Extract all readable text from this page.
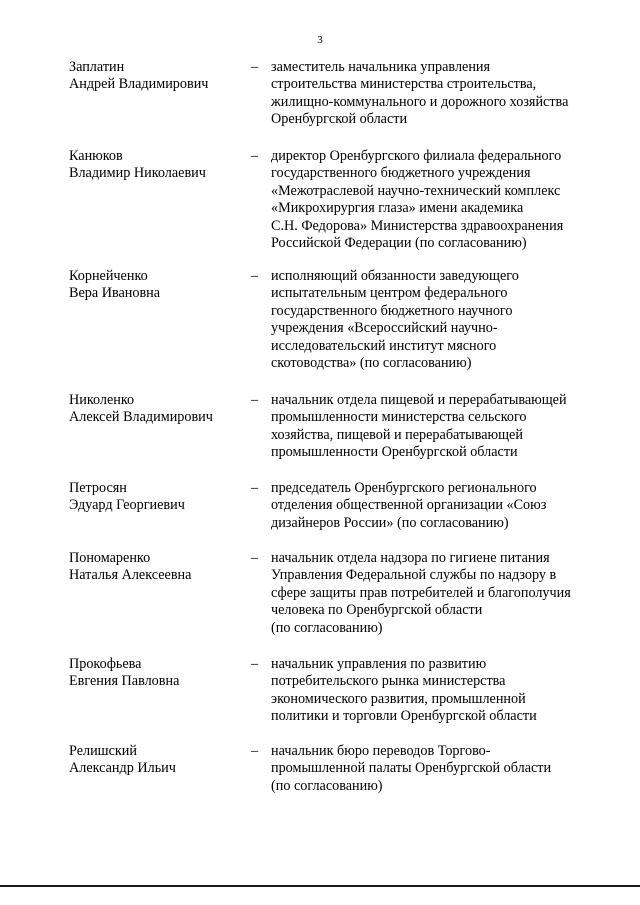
3
Заплатин
Андрей Владимирович
– заместитель начальника управления
строительства министерства строительства,
жилищно-коммунального и дорожного хозяйства
Оренбургской области
Канюков
Владимир Николаевич
– директор Оренбургского филиала федерального
государственного бюджетного учреждения
«Межотраслевой научно-технический комплекс
«Микрохирургия глаза» имени академика
С.Н. Федорова» Министерства здравоохранения
Российской Федерации (по согласованию)
Корнейченко
Вера Ивановна
– исполняющий обязанности заведующего
испытательным центром федерального
государственного бюджетного научного
учреждения «Всероссийский научно-
исследовательский институт мясного
скотоводства» (по согласованию)
Николенко
Алексей Владимирович
– начальник отдела пищевой и перерабатывающей
промышленности министерства сельского
хозяйства, пищевой и перерабатывающей
промышленности Оренбургской области
Петросян
Эдуард Георгиевич
– председатель Оренбургского регионального
отделения общественной организации «Союз
дизайнеров России» (по согласованию)
Пономаренко
Наталья Алексеевна
– начальник отдела надзора по гигиене питания
Управления Федеральной службы по надзору в
сфере защиты прав потребителей и благополучия
человека по Оренбургской области
(по согласованию)
Прокофьева
Евгения Павловна
– начальник управления по развитию
потребительского рынка министерства
экономического развития, промышленной
политики и торговли Оренбургской области
Релишский
Александр Ильич
– начальник бюро переводов Торгово-
промышленной палаты Оренбургской области
(по согласованию)
